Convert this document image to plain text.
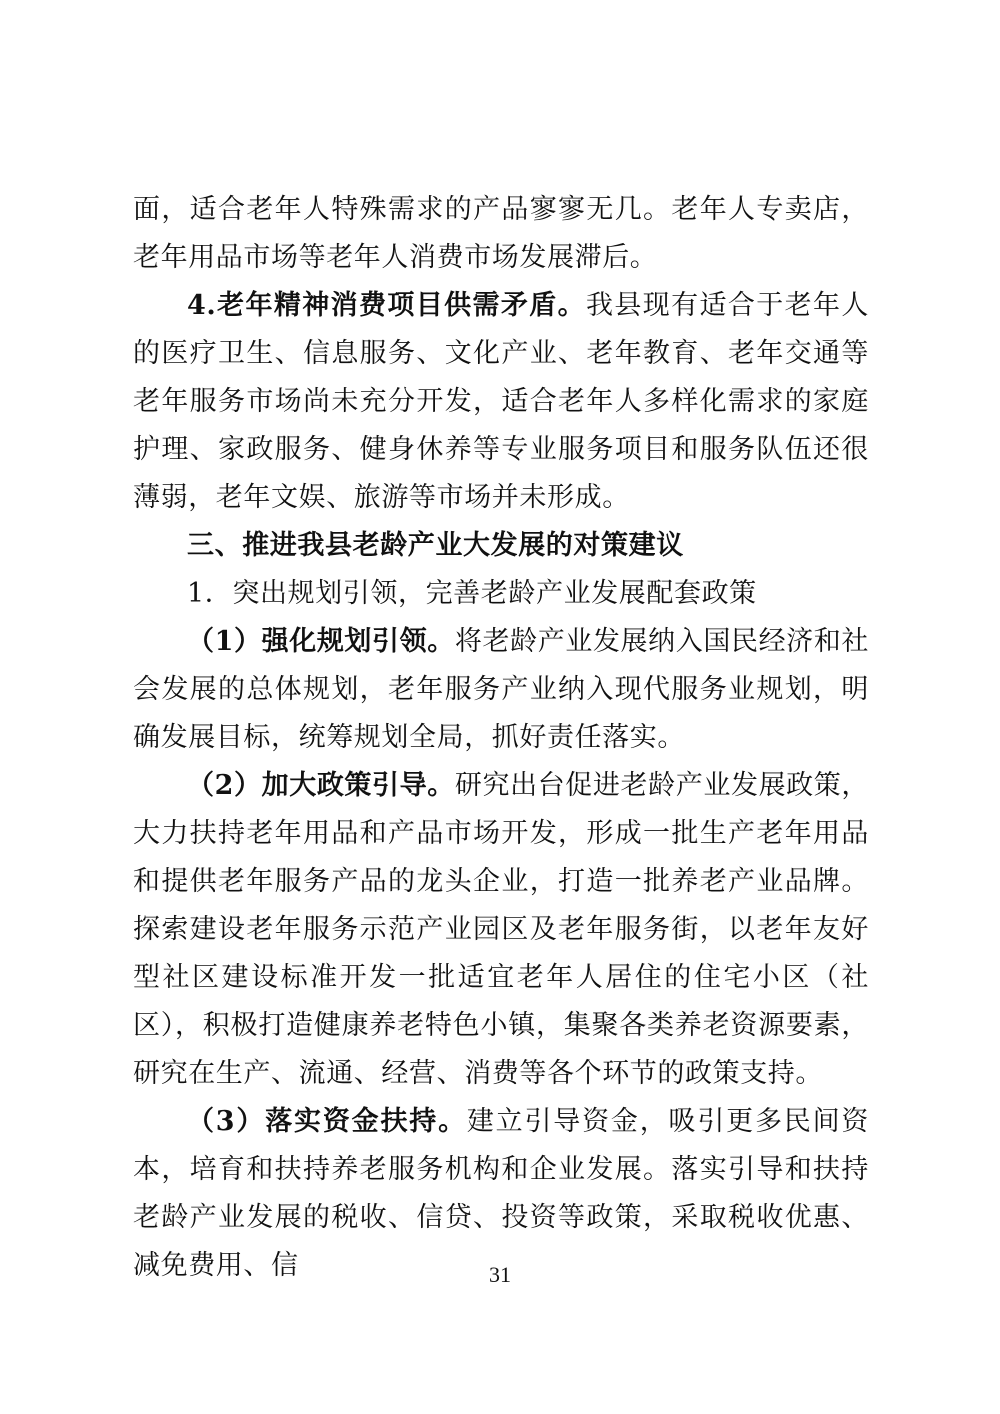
面，适合老年人特殊需求的产品寥寥无几。老年人专卖店，老年用品市场等老年人消费市场发展滞后。

4.老年精神消费项目供需矛盾。我县现有适合于老年人的医疗卫生、信息服务、文化产业、老年教育、老年交通等老年服务市场尚未充分开发，适合老年人多样化需求的家庭护理、家政服务、健身休养等专业服务项目和服务队伍还很薄弱，老年文娱、旅游等市场并未形成。

三、推进我县老龄产业大发展的对策建议

1．突出规划引领，完善老龄产业发展配套政策

（1）强化规划引领。将老龄产业发展纳入国民经济和社会发展的总体规划，老年服务产业纳入现代服务业规划，明确发展目标，统筹规划全局，抓好责任落实。

（2）加大政策引导。研究出台促进老龄产业发展政策，大力扶持老年用品和产品市场开发，形成一批生产老年用品和提供老年服务产品的龙头企业，打造一批养老产业品牌。探索建设老年服务示范产业园区及老年服务街，以老年友好型社区建设标准开发一批适宜老年人居住的住宅小区（社区），积极打造健康养老特色小镇，集聚各类养老资源要素，研究在生产、流通、经营、消费等各个环节的政策支持。

（3）落实资金扶持。建立引导资金，吸引更多民间资本，培育和扶持养老服务机构和企业发展。落实引导和扶持老龄产业发展的税收、信贷、投资等政策，采取税收优惠、减免费用、信	31
